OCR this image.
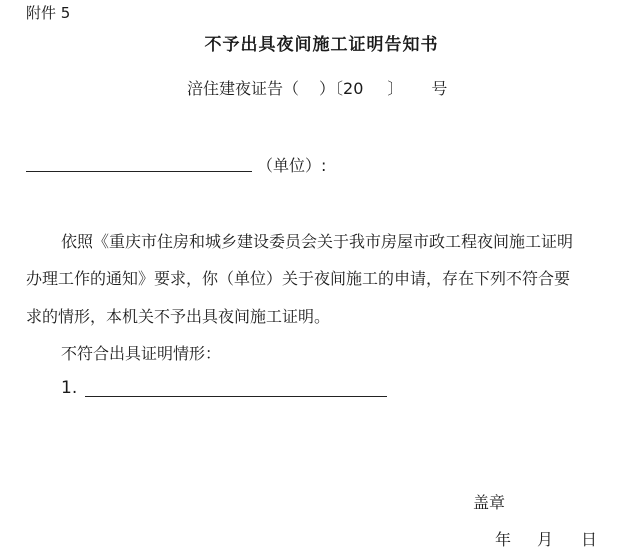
附件 5
不予出具夜间施工证明告知书
涪住建夜证告（ ）〔20 〕 号
（单位）:
依照《重庆市住房和城乡建设委员会关于我市房屋市政工程夜间施工证明
办理工作的通知》要求，你（单位）关于夜间施工的申请，存在下列不符合要
求的情形，本机关不予出具夜间施工证明。
不符合出具证明情形：
1.
盖章
年 月 日
